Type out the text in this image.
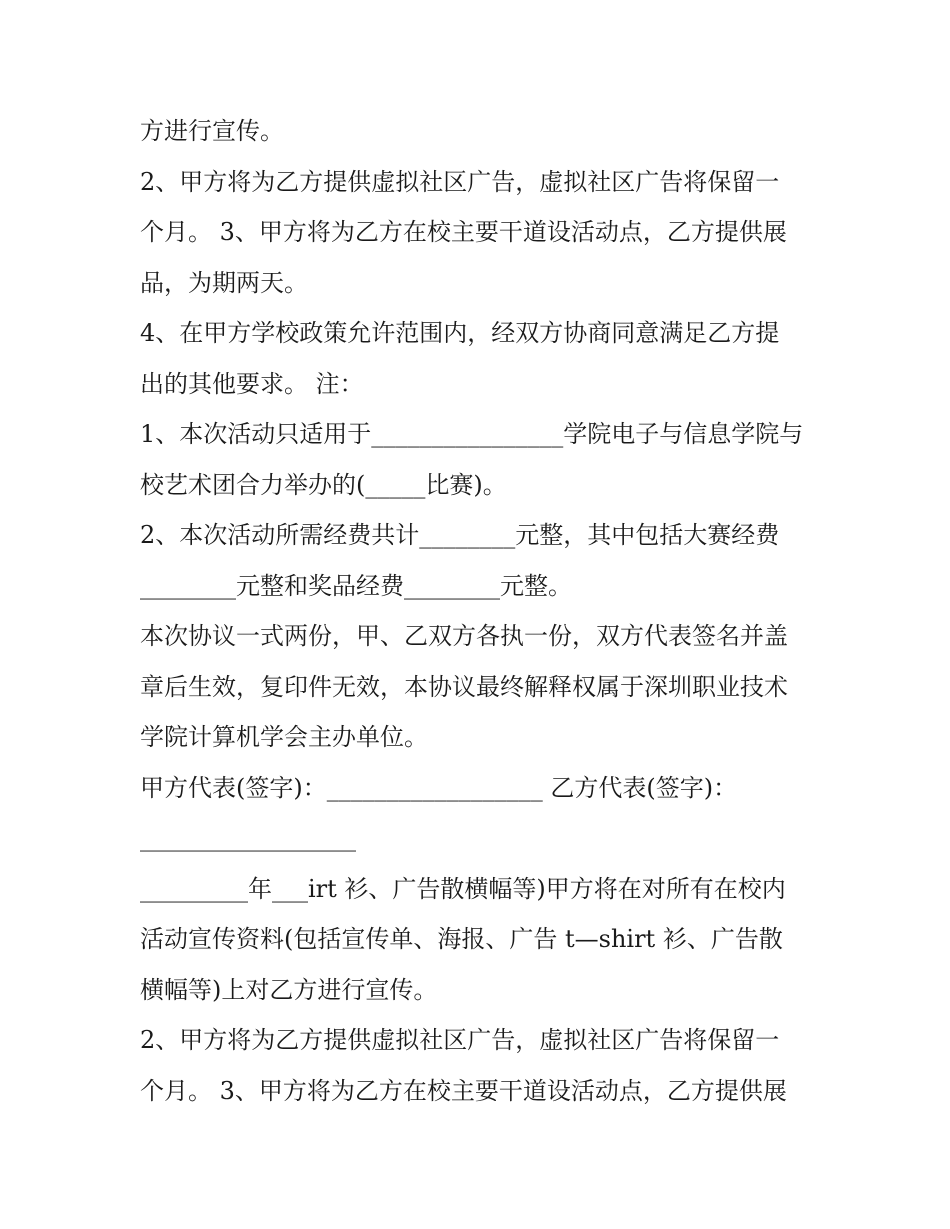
方进行宣传。
2、甲方将为乙方提供虚拟社区广告，虚拟社区广告将保留一
个月。 3、甲方将为乙方在校主要干道设活动点，乙方提供展
品，为期两天。
4、在甲方学校政策允许范围内，经双方协商同意满足乙方提
出的其他要求。 注：
1、本次活动只适用于________________学院电子与信息学院与
校艺术团合力举办的(_____比赛)。
2、本次活动所需经费共计________元整，其中包括大赛经费
________元整和奖品经费________元整。
本次协议一式两份，甲、乙双方各执一份，双方代表签名并盖
章后生效，复印件无效，本协议最终解释权属于深圳职业技术
学院计算机学会主办单位。
甲方代表(签字)：__________________ 乙方代表(签字)：
__________________
_________年___irt 衫、广告散横幅等)甲方将在对所有在校内
活动宣传资料(包括宣传单、海报、广告 t—shirt 衫、广告散
横幅等)上对乙方进行宣传。
2、甲方将为乙方提供虚拟社区广告，虚拟社区广告将保留一
个月。 3、甲方将为乙方在校主要干道设活动点，乙方提供展
